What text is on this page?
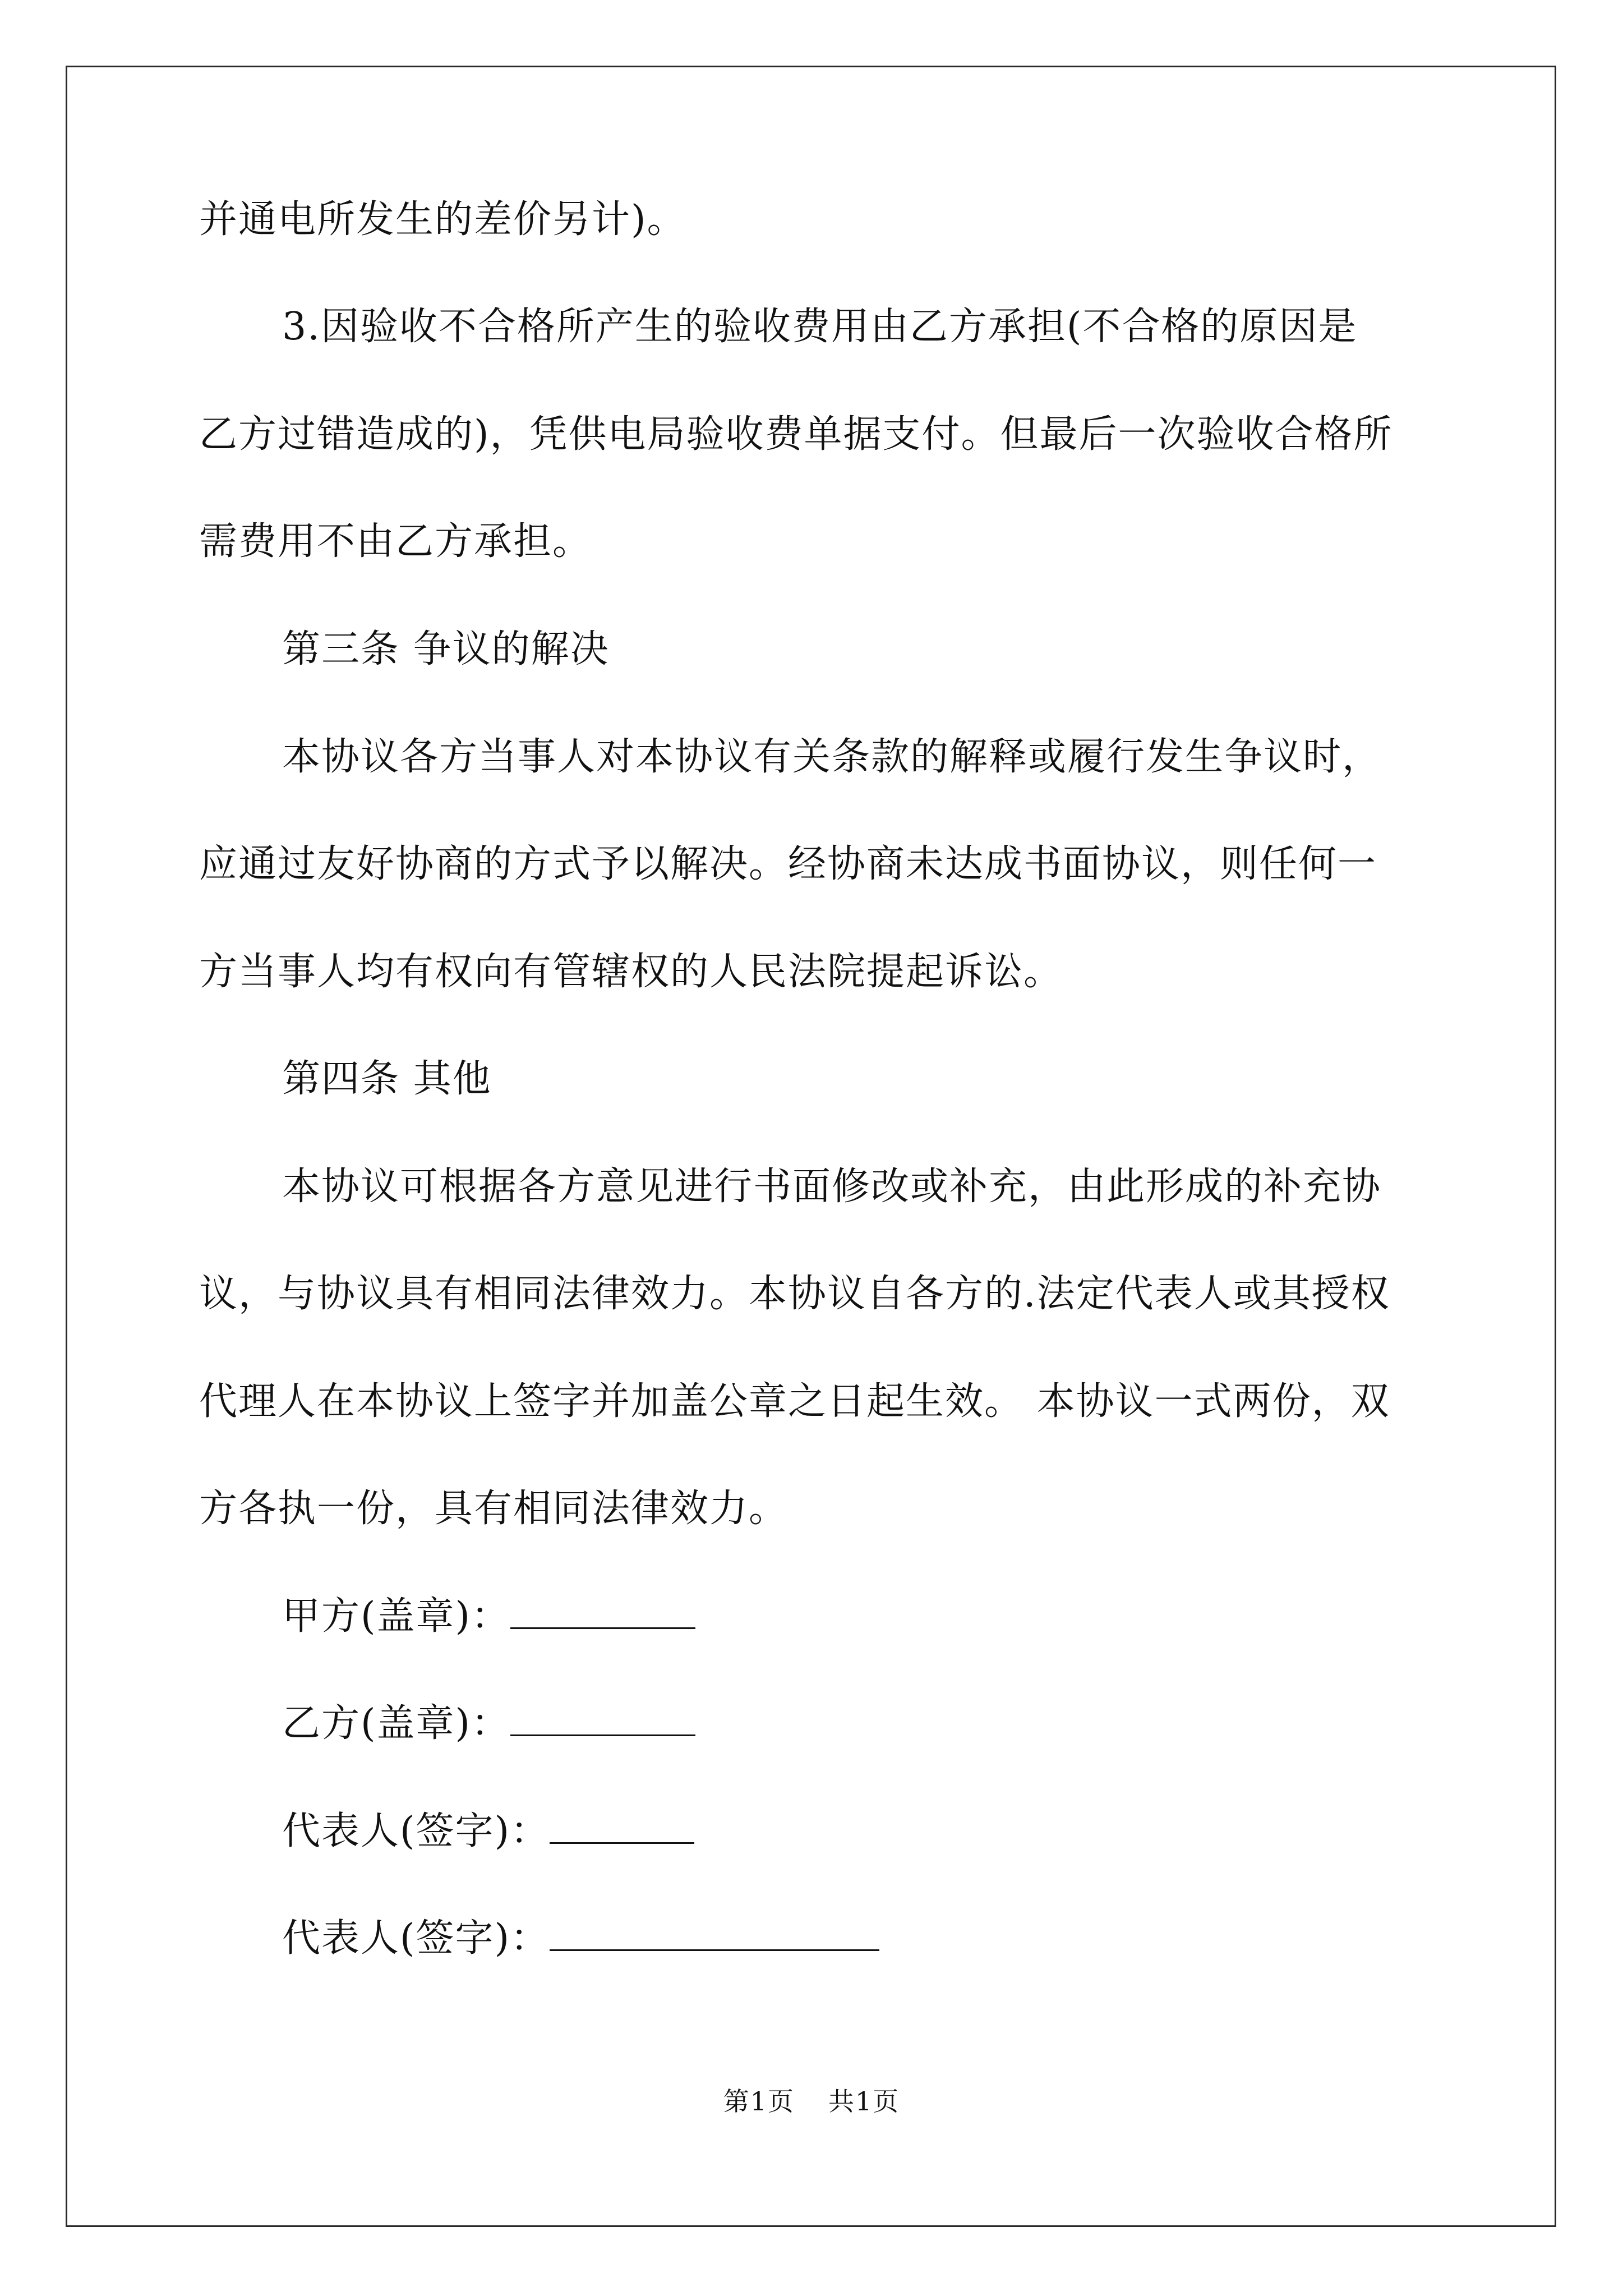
并通电所发生的差价另计)。
3.因验收不合格所产生的验收费用由乙方承担(不合格的原因是
乙方过错造成的)，凭供电局验收费单据支付。但最后一次验收合格所
需费用不由乙方承担。
第三条 争议的解决
本协议各方当事人对本协议有关条款的解释或履行发生争议时，
应通过友好协商的方式予以解决。经协商未达成书面协议，则任何一
方当事人均有权向有管辖权的人民法院提起诉讼。
第四条 其他
本协议可根据各方意见进行书面修改或补充，由此形成的补充协
议，与协议具有相同法律效力。本协议自各方的.法定代表人或其授权
代理人在本协议上签字并加盖公章之日起生效。 本协议一式两份，双
方各执一份，具有相同法律效力。
甲方(盖章)：
乙方(盖章)：
代表人(签字)：
代表人(签字)：
第1页 共1页
